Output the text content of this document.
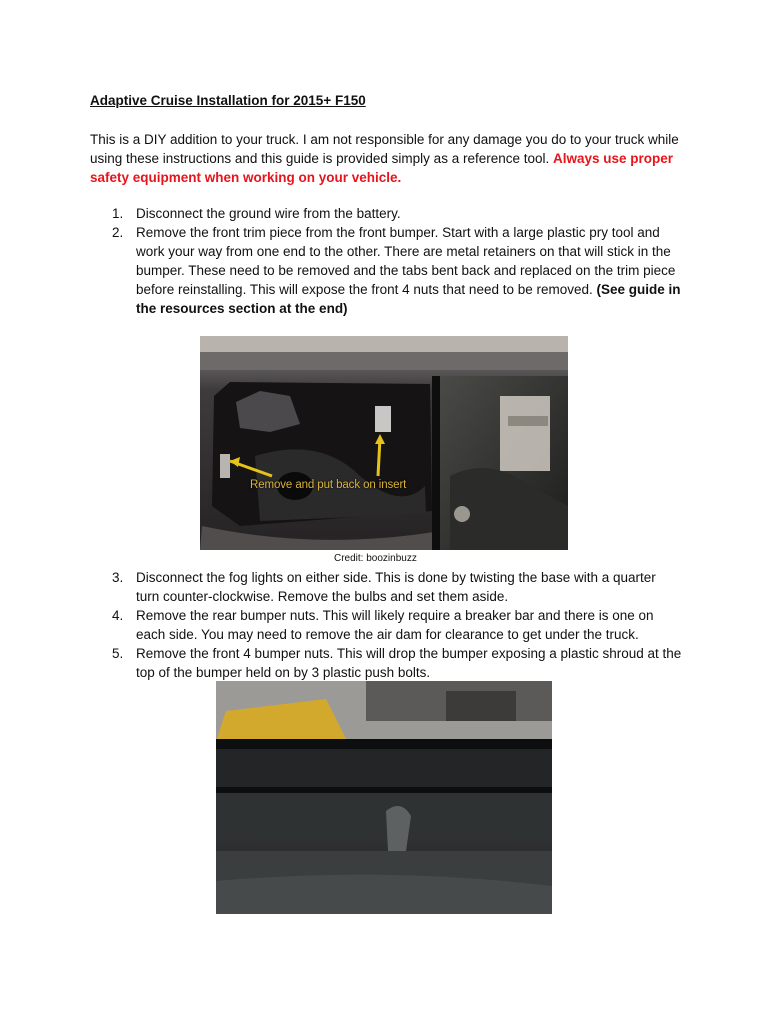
Adaptive Cruise Installation for 2015+ F150
This is a DIY addition to your truck. I am not responsible for any damage you do to your truck while using these instructions and this guide is provided simply as a reference tool. Always use proper safety equipment when working on your vehicle.
1. Disconnect the ground wire from the battery.
2. Remove the front trim piece from the front bumper. Start with a large plastic pry tool and work your way from one end to the other. There are metal retainers on that will stick in the bumper. These need to be removed and the tabs bent back and replaced on the trim piece before reinstalling. This will expose the front 4 nuts that need to be removed. (See guide in the resources section at the end)
Remove and put back on insert
Credit: boozinbuzz
3. Disconnect the fog lights on either side. This is done by twisting the base with a quarter turn counter-clockwise. Remove the bulbs and set them aside.
4. Remove the rear bumper nuts. This will likely require a breaker bar and there is one on each side. You may need to remove the air dam for clearance to get under the truck.
5. Remove the front 4 bumper nuts. This will drop the bumper exposing a plastic shroud at the top of the bumper held on by 3 plastic push bolts.
